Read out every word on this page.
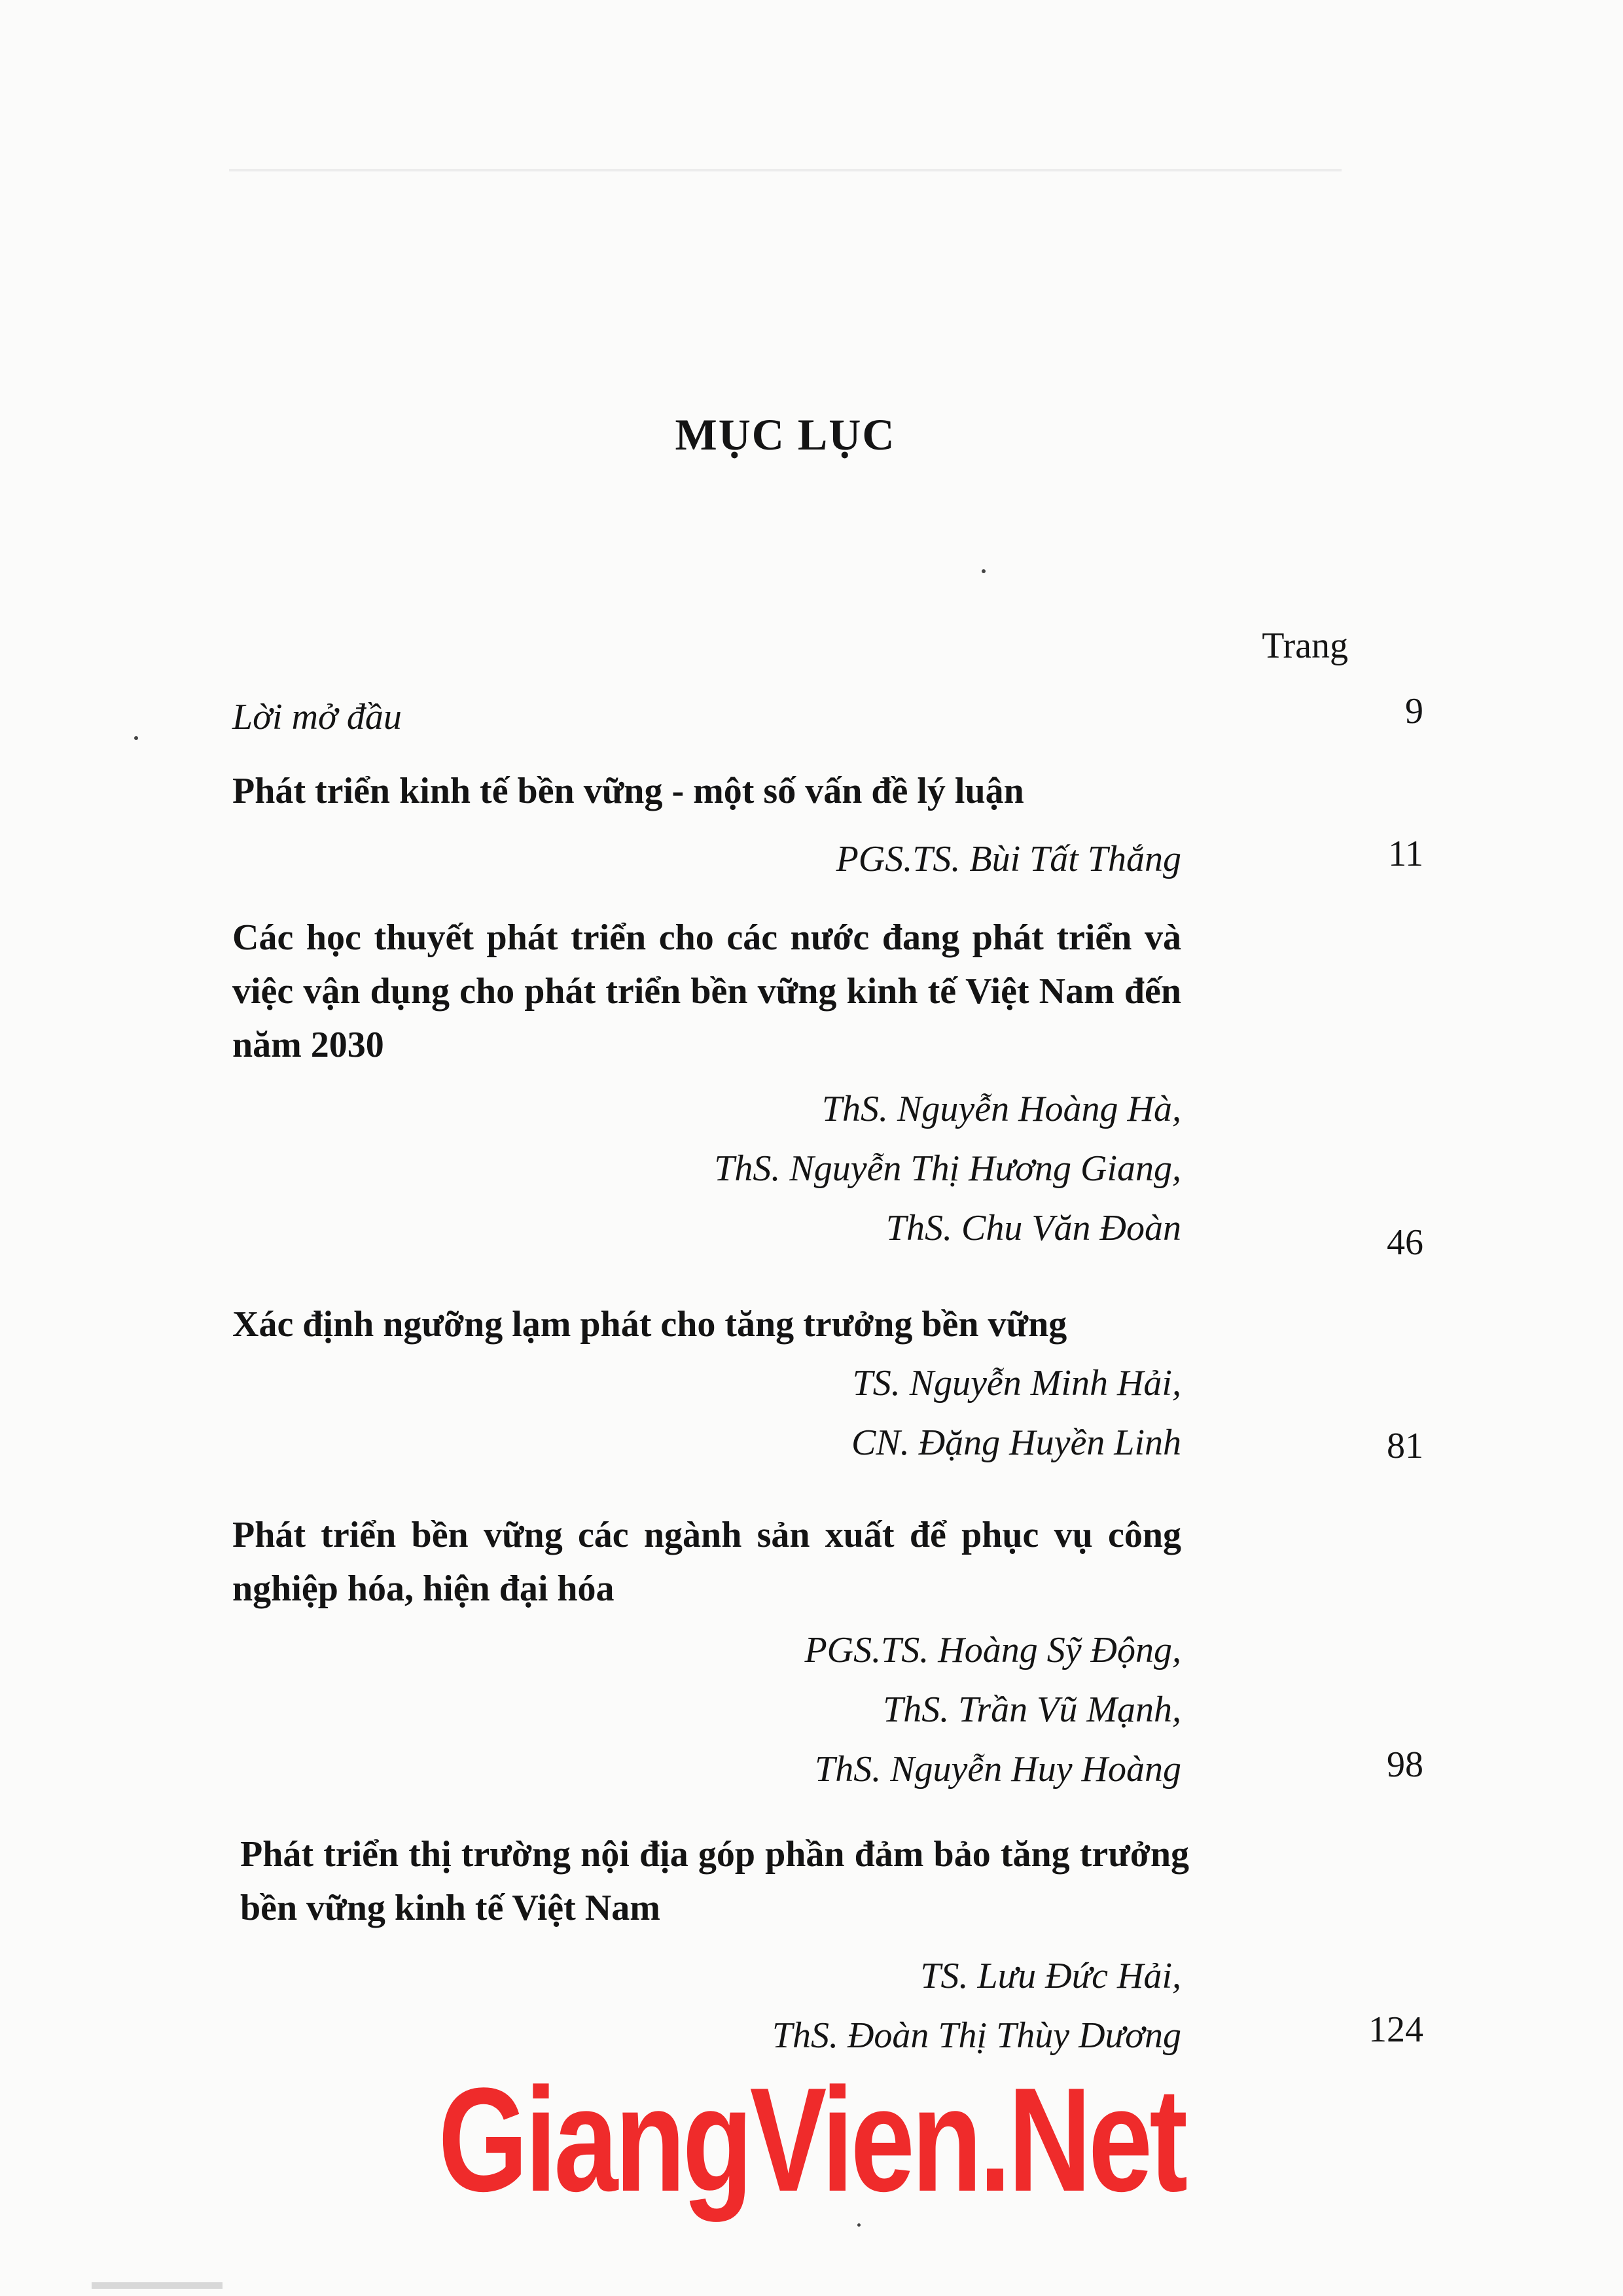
MỤC LỤC
Trang
Lời mở đầu	9
Phát triển kinh tế bền vững - một số vấn đề lý luận
PGS.TS. Bùi Tất Thắng	11
Các học thuyết phát triển cho các nước đang phát triển và việc vận dụng cho phát triển bền vững kinh tế Việt Nam đến năm 2030
ThS. Nguyễn Hoàng Hà,
ThS. Nguyễn Thị Hương Giang,
ThS. Chu Văn Đoàn	46
Xác định ngưỡng lạm phát cho tăng trưởng bền vững
TS. Nguyễn Minh Hải,
CN. Đặng Huyền Linh	81
Phát triển bền vững các ngành sản xuất để phục vụ công nghiệp hóa, hiện đại hóa
PGS.TS. Hoàng Sỹ Động,
ThS. Trần Vũ Mạnh,
ThS. Nguyễn Huy Hoàng	98
Phát triển thị trường nội địa góp phần đảm bảo tăng trưởng bền vững kinh tế Việt Nam
TS. Lưu Đức Hải,
ThS. Đoàn Thị Thùy Dương	124
GiangVien.Net
